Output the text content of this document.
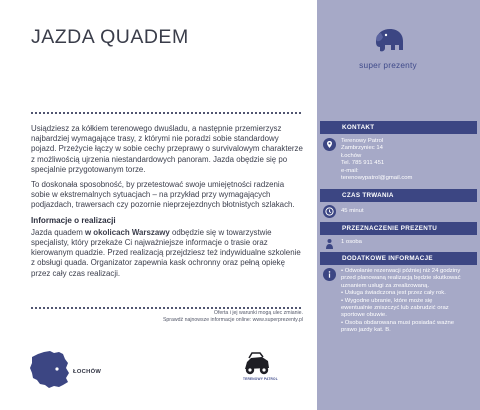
JAZDA QUADEM

Usiądziesz za kółkiem terenowego dwuśladu, a następnie przemierzysz najbardziej wymagające trasy, z którymi nie poradzi sobie standardowy pojazd. Przeżycie łączy w sobie cechy przeprawy o survivalowym charakterze z możliwością ujrzenia niestandardowych panoram. Jazda obędzie się po specjalnie przygotowanym torze.

To doskonała sposobność, by przetestować swoje umiejętności radzenia sobie w ekstremalnych sytuacjach – na przykład przy wymagających podjazdach, trawersach czy pozornie nieprzejezdnych błotnistych szlakach.

Informacje o realizacji

Jazda quadem w okolicach Warszawy odbędzie się w towarzystwie specjalisty, który przekaże Ci najważniejsze informacje o trasie oraz kierowanym quadzie. Przed realizacją przejdziesz też indywidualne szkolenie z obsługi quada. Organizator zapewnia kask ochronny oraz pełną opiekę przez cały czas realizacji.

Oferta i jej warunki mogą ulec zmianie.
Sprawdź najnowsze informacje online: www.superprezenty.pl
ŁOCHÓW
TERENOWY PATROL
super prezenty
KONTAKT
Terenowy Patrol
Zambrzyniec 14
Łochów
Tel. 785 911 451
e-mail:
terenowypatrol@gmail.com
CZAS TRWANIA
45 minut
PRZEZNACZENIE PREZENTU
1 osoba
DODATKOWE INFORMACJE
• Odwołanie rezerwacji później niż 24 godziny przed planowaną realizacją będzie skutkować uznaniem usługi za zrealizowaną.
• Usługa świadczona jest przez cały rok.
• Wygodne ubranie, które może się ewentualnie zniszczyć lub zabrudzić oraz sportowe obuwie.
• Osoba obdarowana musi posiadać ważne prawo jazdy kat. B.
